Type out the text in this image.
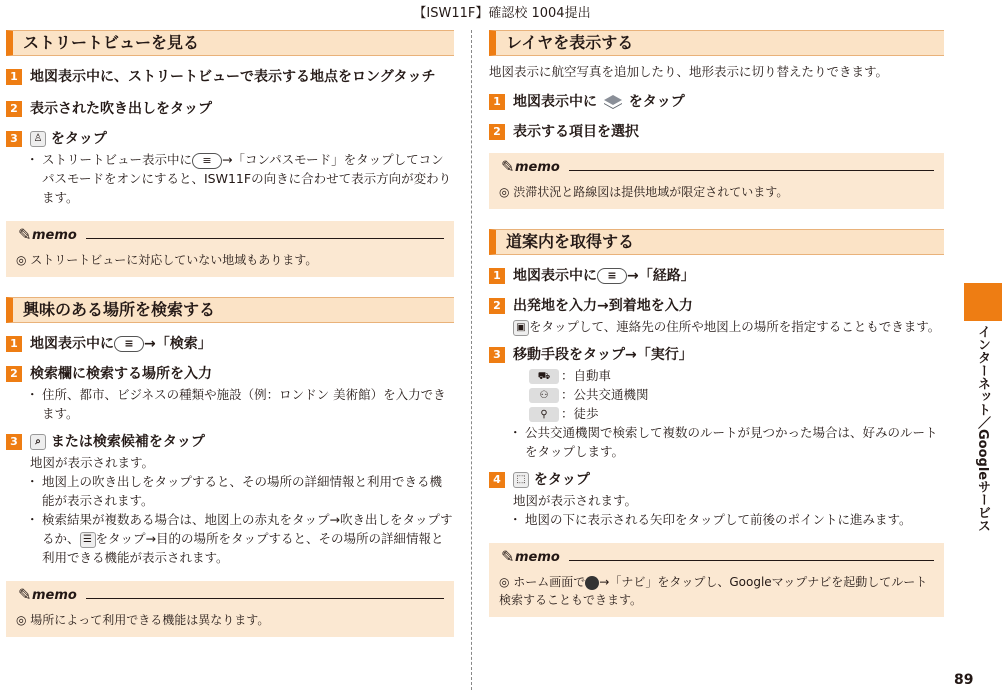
【ISW11F】確認校 1004提出
ストリートビューを見る
1 地図表示中に、ストリートビューで表示する地点をロングタッチ
2 表示された吹き出しをタップ
3	♙ をタップ
・ ストリートビュー表示中に ≡ →「コンパスモード」をタップしてコンパスモードをオンにすると、ISW11Fの向きに合わせて表示方向が変わります。
✎ memo
◎ ストリートビューに対応していない地域もあります。
興味のある場所を検索する
1 地図表示中に ≡ →「検索」
2 検索欄に検索する場所を入力
・ 住所、都市、ビジネスの種類や施設（例：ロンドン 美術館）を入力できます。
3	⌕ または検索候補をタップ
地図が表示されます。
・ 地図上の吹き出しをタップすると、その場所の詳細情報と利用できる機能が表示されます。
・ 検索結果が複数ある場合は、地図上の赤丸をタップ→吹き出しをタップするか、 ☰ をタップ→目的の場所をタップすると、その場所の詳細情報と利用できる機能が表示されます。
✎ memo
◎ 場所によって利用できる機能は異なります。
レイヤを表示する
地図表示に航空写真を追加したり、地形表示に切り替えたりできます。
1 地図表示中に をタップ
2 表示する項目を選択
✎ memo
◎ 渋滞状況と路線図は提供地域が限定されています。
道案内を取得する
1 地図表示中に ≡ →「経路」
2 出発地を入力→到着地を入力
▣ をタップして、連絡先の住所や地図上の場所を指定することもできます。
3 移動手段をタップ→「実行」
⛟ ：自動車
⚇ ：公共交通機関
⚲ ：徒歩
・ 公共交通機関で検索して複数のルートが見つかった場合は、好みのルートをタップします。
4	⬚ をタップ
地図が表示されます。
・ 地図の下に表示される矢印をタップして前後のポイントに進みます。
✎ memo
◎ ホーム画面で →「ナビ」をタップし、Googleマップナビを起動してルート検索することもできます。
インターネット／Googleサービス
89
